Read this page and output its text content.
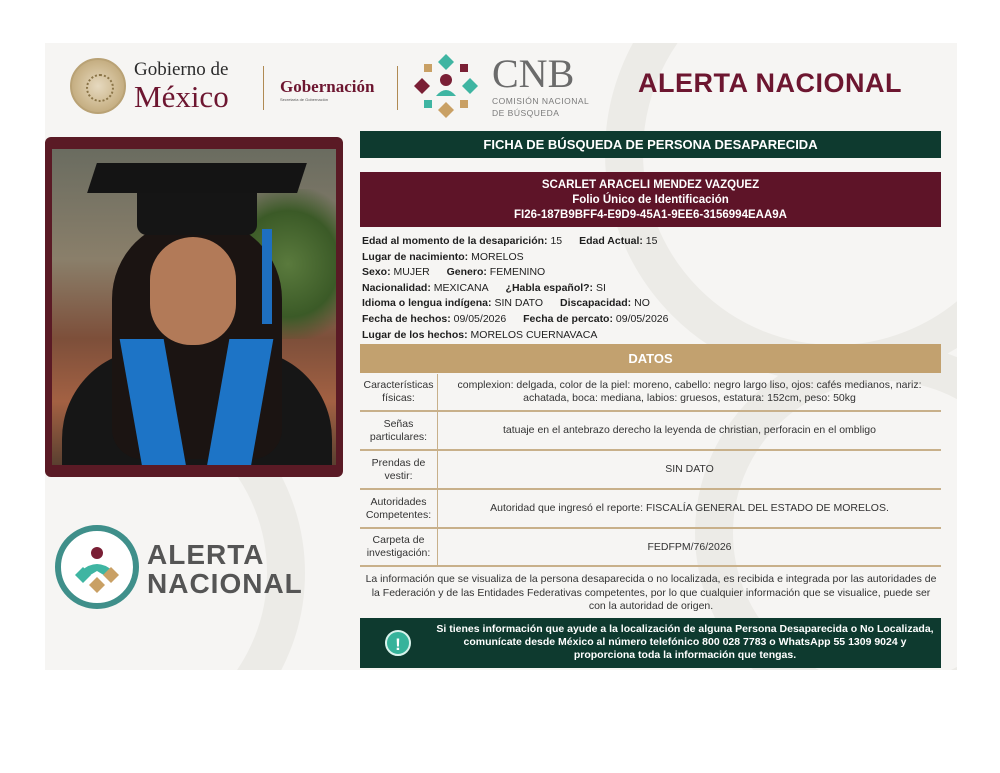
Gobierno de
México	Gobernación
Secretaría de Gobernación
CNB
COMISIÓN NACIONAL
DE BÚSQUEDA
ALERTA NACIONAL
ALERTA
NACIONAL
FICHA DE BÚSQUEDA DE PERSONA DESAPARECIDA
SCARLET ARACELI MENDEZ VAZQUEZ
Folio Único de Identificación
FI26-187B9BFF4-E9D9-45A1-9EE6-3156994EAA9A
Edad al momento de la desaparición: 15 Edad Actual: 15
Lugar de nacimiento: MORELOS
Sexo: MUJER Genero: FEMENINO
Nacionalidad: MEXICANA ¿Habla español?: SI
Idioma o lengua indígena: SIN DATO Discapacidad: NO
Fecha de hechos: 09/05/2026 Fecha de percato: 09/05/2026
Lugar de los hechos: MORELOS CUERNAVACA
DATOS
Características
físicas:
complexion: delgada, color de la piel: moreno, cabello: negro largo liso, ojos: cafés medianos, nariz: achatada, boca: mediana, labios: gruesos, estatura: 152cm, peso: 50kg
Señas
particulares:
tatuaje en el antebrazo derecho la leyenda de christian, perforacin en el ombligo
Prendas de
vestir:
SIN DATO
Autoridades
Competentes:
Autoridad que ingresó el reporte: FISCALÍA GENERAL DEL ESTADO DE MORELOS.
Carpeta de
investigación:
FEDFPM/76/2026
La información que se visualiza de la persona desaparecida o no localizada, es recibida e integrada por las autoridades de la Federación y de las Entidades Federativas competentes, por lo que cualquier información que se visualice, puede ser con la autoridad de origen.
!
Si tienes información que ayude a la localización de alguna Persona Desaparecida o No Localizada, comunícate desde México al número telefónico 800 028 7783 o WhatsApp 55 1309 9024 y proporciona toda la información que tengas.
